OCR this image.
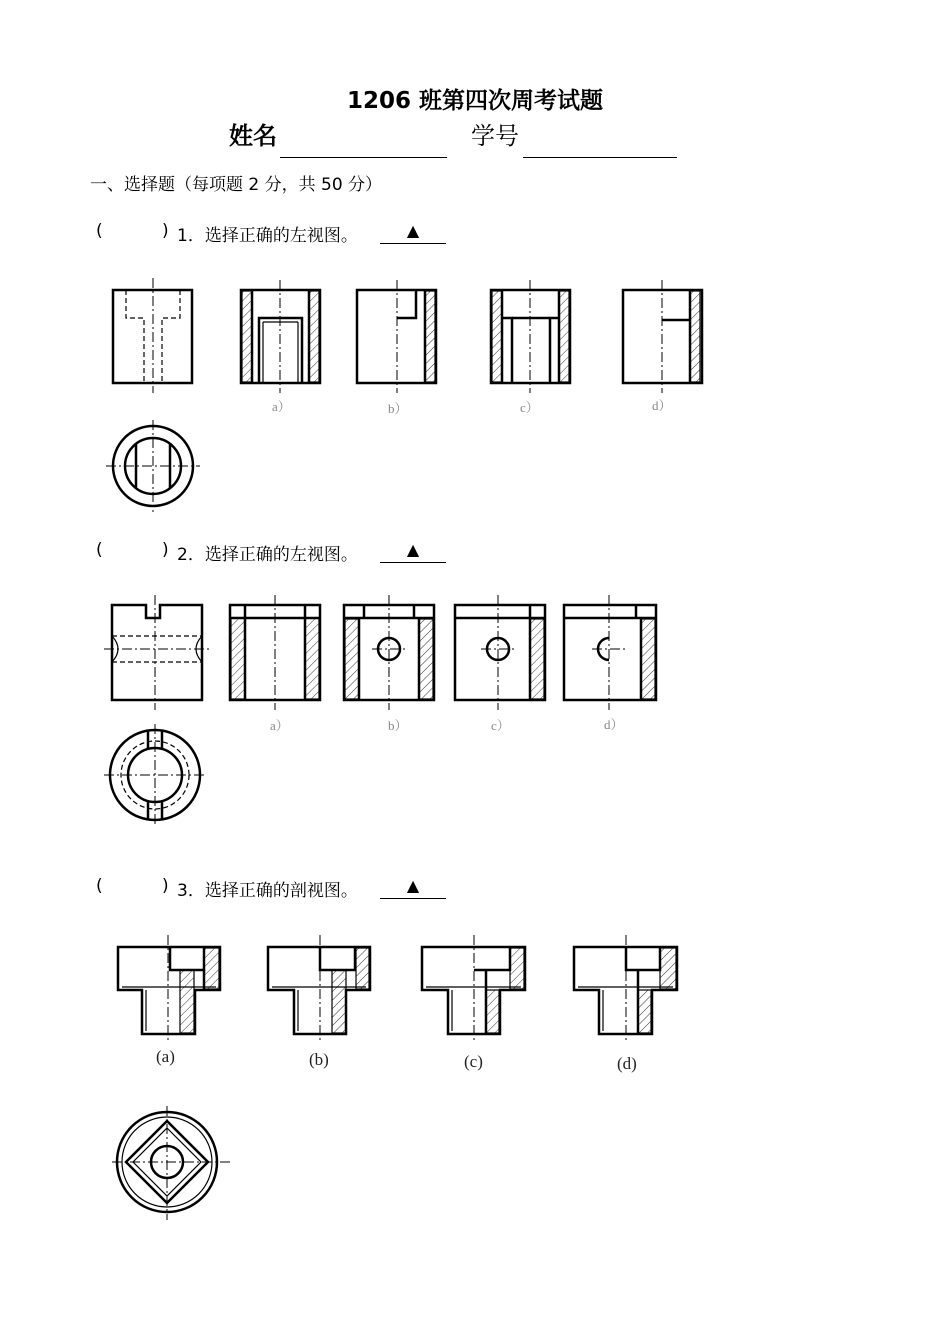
1206 班第四次周考试题
姓名	学号
一、选择题（每项题 2 分，共 50 分）
(	) 1．选择正确的左视图。	▲
(	) 2．选择正确的左视图。	▲
(	) 3．选择正确的剖视图。	▲
a）	b）	c）	d）
a）	b）	c）	d）
(a)	(b)	(c)	(d)
